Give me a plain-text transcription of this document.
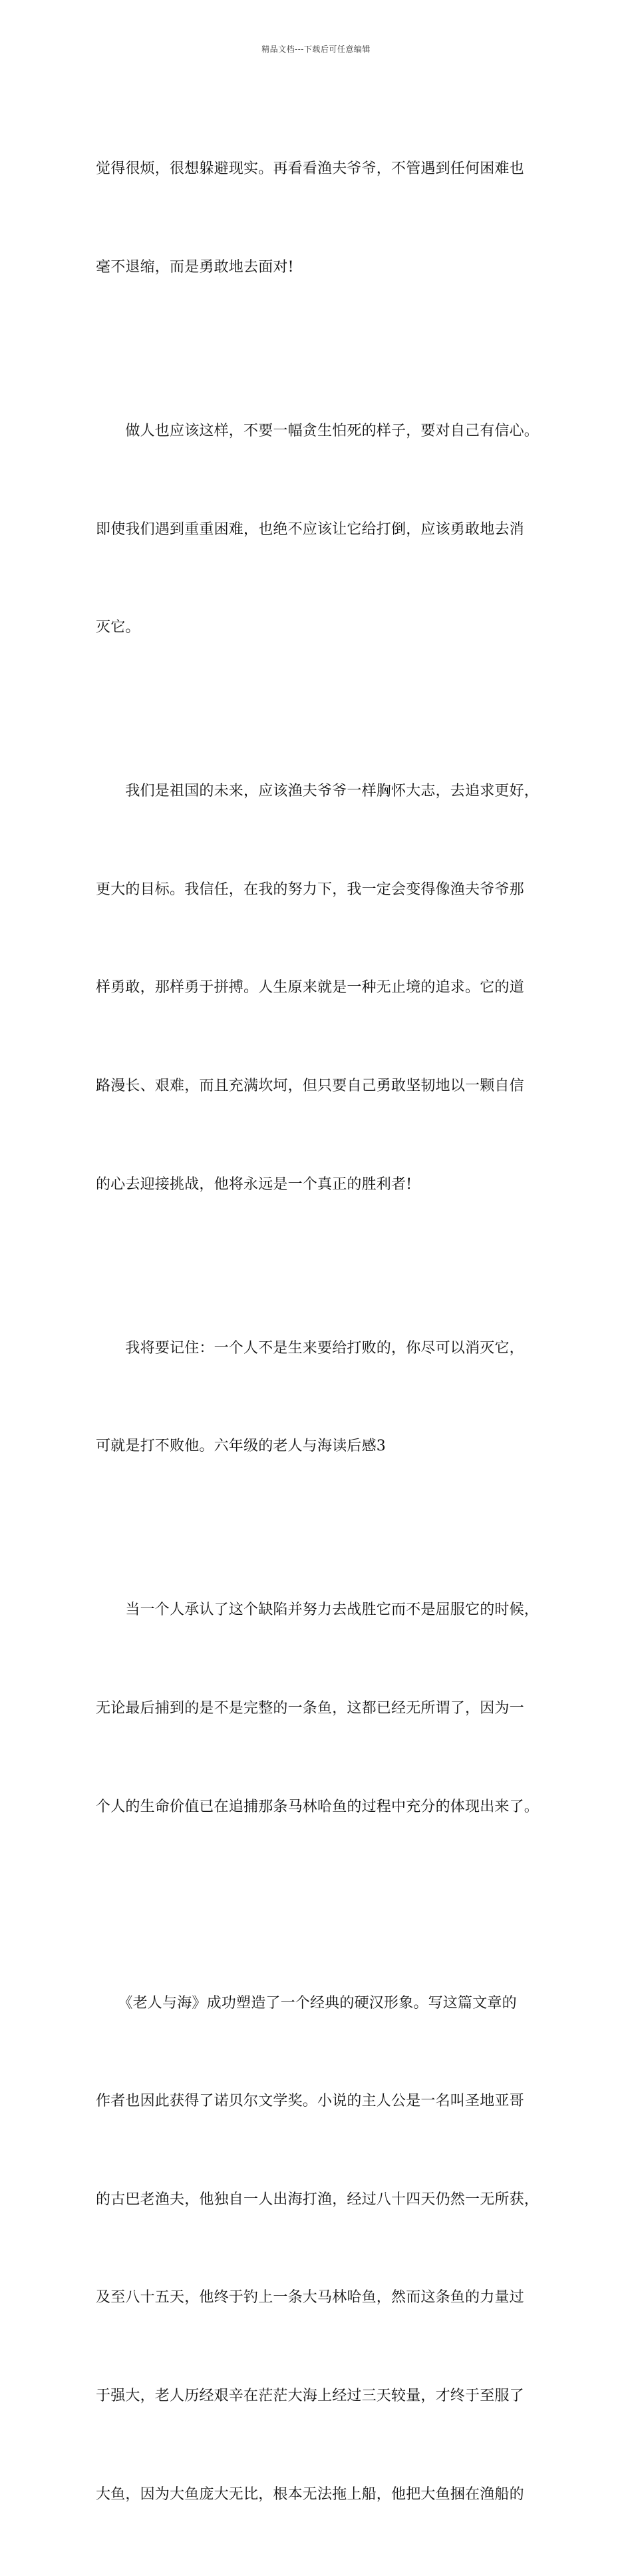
精品文档---下载后可任意编辑

觉得很烦，很想躲避现实。再看看渔夫爷爷，不管遇到任何困难也

毫不退缩，而是勇敢地去面对!

　　做人也应该这样，不要一幅贪生怕死的样子，要对自己有信心。

即使我们遇到重重困难，也绝不应该让它给打倒，应该勇敢地去消

灭它。

　　我们是祖国的未来，应该渔夫爷爷一样胸怀大志，去追求更好，

更大的目标。我信任，在我的努力下，我一定会变得像渔夫爷爷那

样勇敢，那样勇于拼搏。人生原来就是一种无止境的追求。它的道

路漫长、艰难，而且充满坎坷，但只要自己勇敢坚韧地以一颗自信

的心去迎接挑战，他将永远是一个真正的胜利者!

　　我将要记住：一个人不是生来要给打败的，你尽可以消灭它，

可就是打不败他。六年级的老人与海读后感3

　　当一个人承认了这个缺陷并努力去战胜它而不是屈服它的时候，

无论最后捕到的是不是完整的一条鱼，这都已经无所谓了，因为一

个人的生命价值已在追捕那条马林哈鱼的过程中充分的体现出来了。

　　《老人与海》成功塑造了一个经典的硬汉形象。写这篇文章的

作者也因此获得了诺贝尔文学奖。小说的主人公是一名叫圣地亚哥

的古巴老渔夫，他独自一人出海打渔，经过八十四天仍然一无所获，

及至八十五天，他终于钓上一条大马林哈鱼，然而这条鱼的力量过

于强大，老人历经艰辛在茫茫大海上经过三天较量，才终于至服了

大鱼，因为大鱼庞大无比，根本无法拖上船，他把大鱼捆在渔船的
